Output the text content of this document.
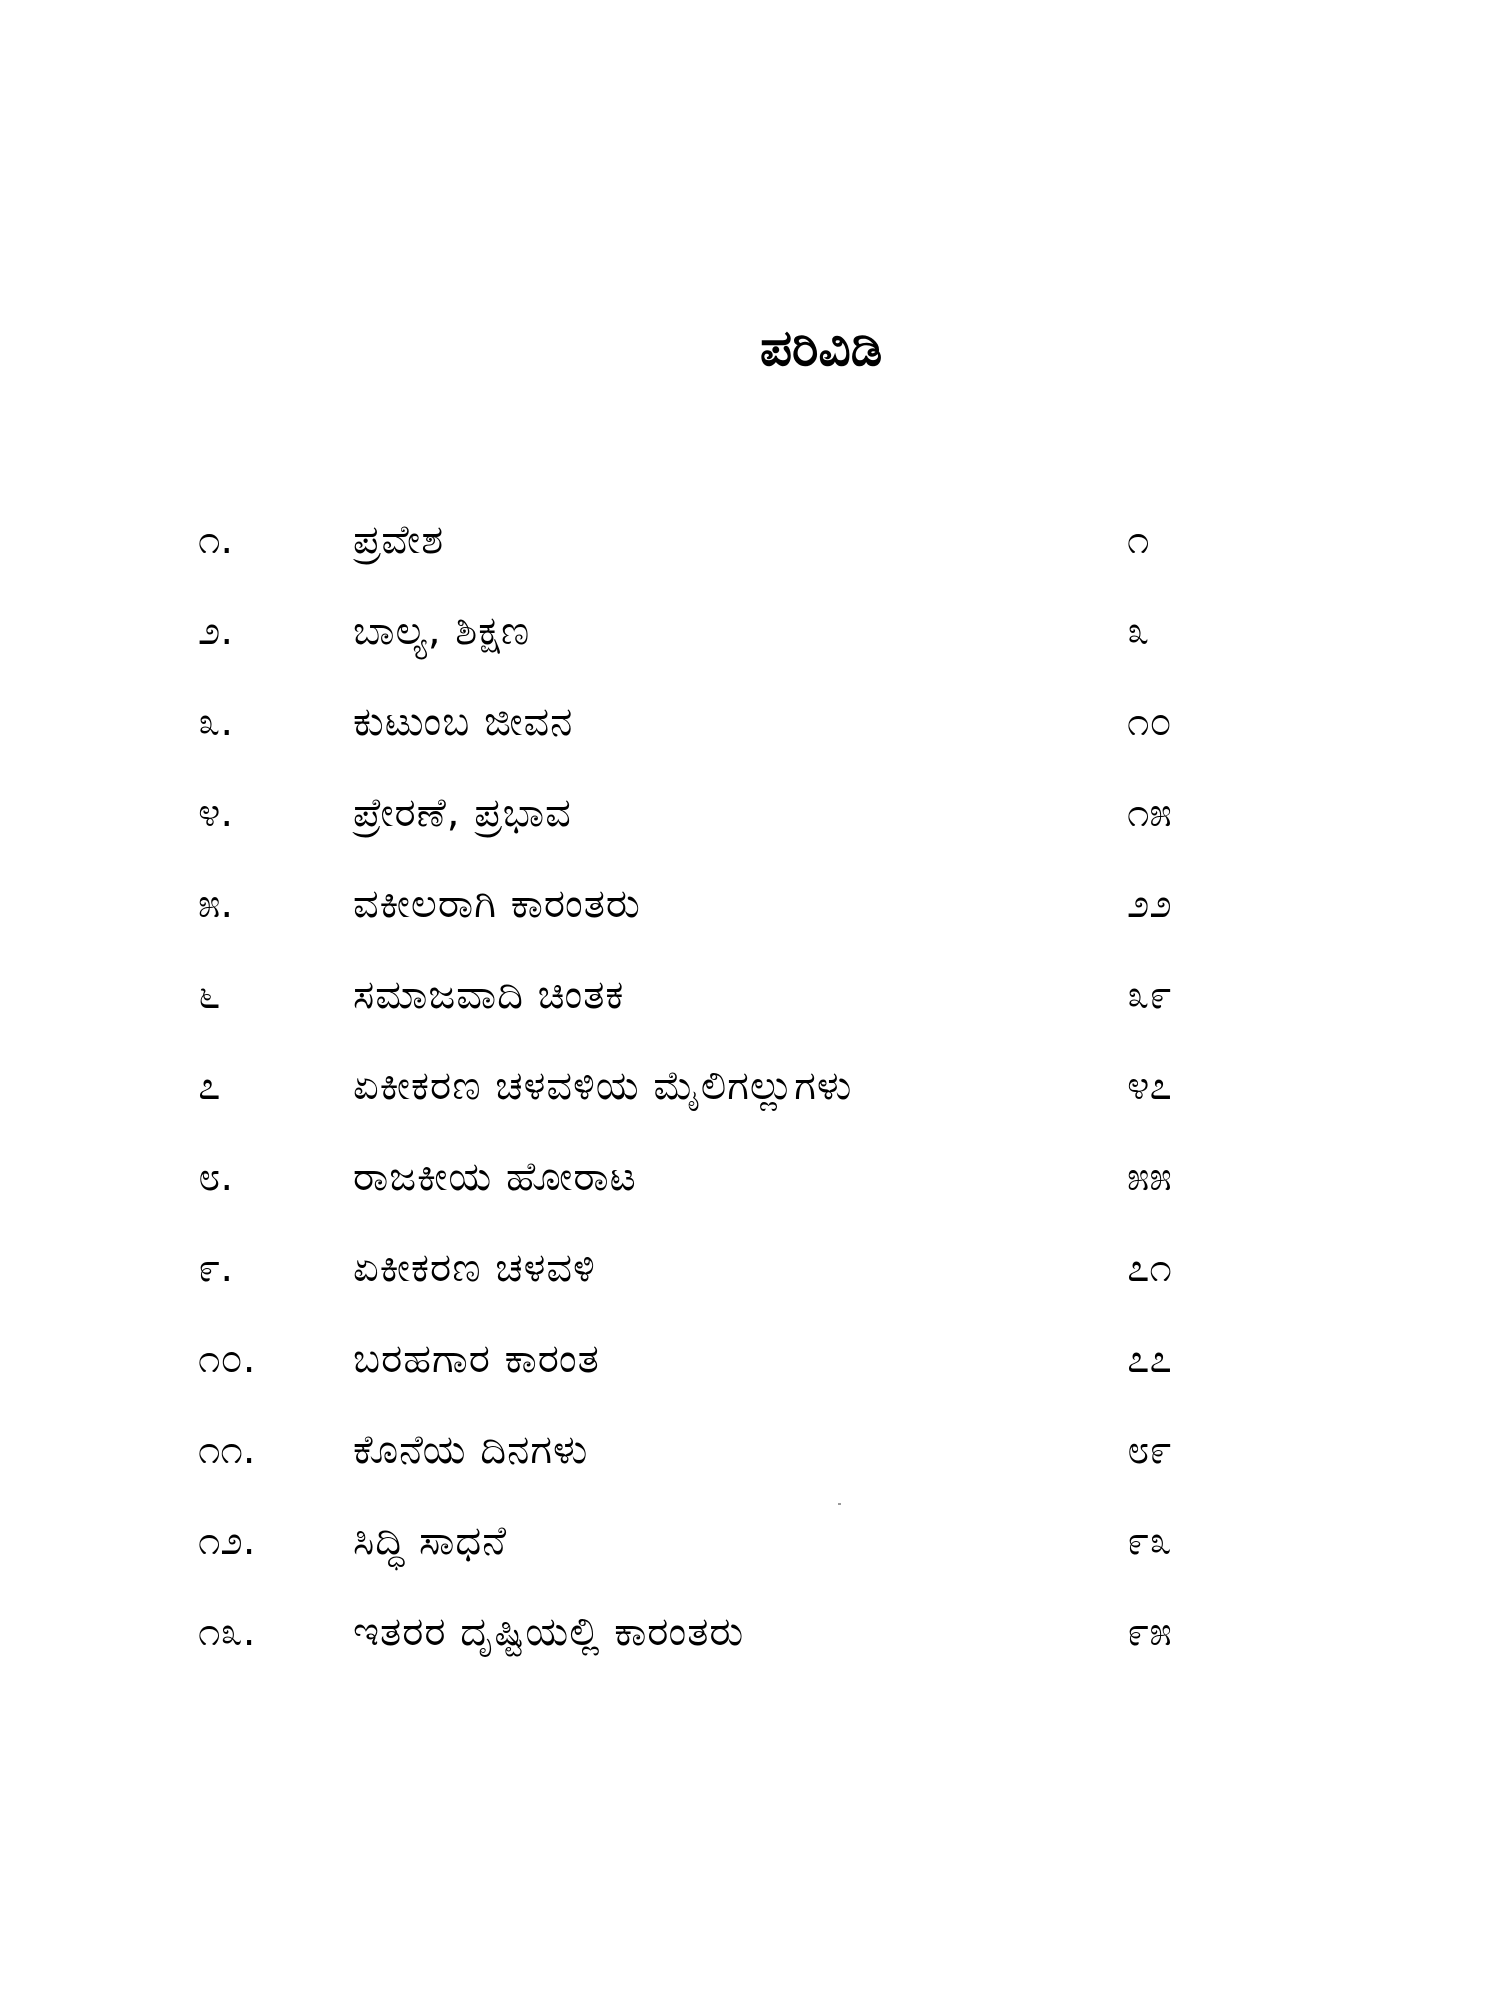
ಪರಿವಿಡಿ
೧.	ಪ್ರವೇಶ	೧
೨.	ಬಾಲ್ಯ, ಶಿಕ್ಷಣ	೩
೩.	ಕುಟುಂಬ ಜೀವನ	೧೦
೪.	ಪ್ರೇರಣೆ, ಪ್ರಭಾವ	೧೫
೫.	ವಕೀಲರಾಗಿ ಕಾರಂತರು	೨೨
೬	ಸಮಾಜವಾದಿ ಚಿಂತಕ	೩೯
೭	ಏಕೀಕರಣ ಚಳವಳಿಯ ಮೈಲಿಗಲ್ಲುಗಳು	೪೭
೮.	ರಾಜಕೀಯ ಹೋರಾಟ	೫೫
೯.	ಏಕೀಕರಣ ಚಳವಳಿ	೭೧
೧೦. ಬರಹಗಾರ ಕಾರಂತ	೭೭
೧೧. ಕೊನೆಯ ದಿನಗಳು	೮೯
೧೨. ಸಿದ್ಧಿ ಸಾಧನೆ	೯೩
೧೩. ಇತರರ ದೃಷ್ಟಿಯಲ್ಲಿ ಕಾರಂತರು	೯೫
